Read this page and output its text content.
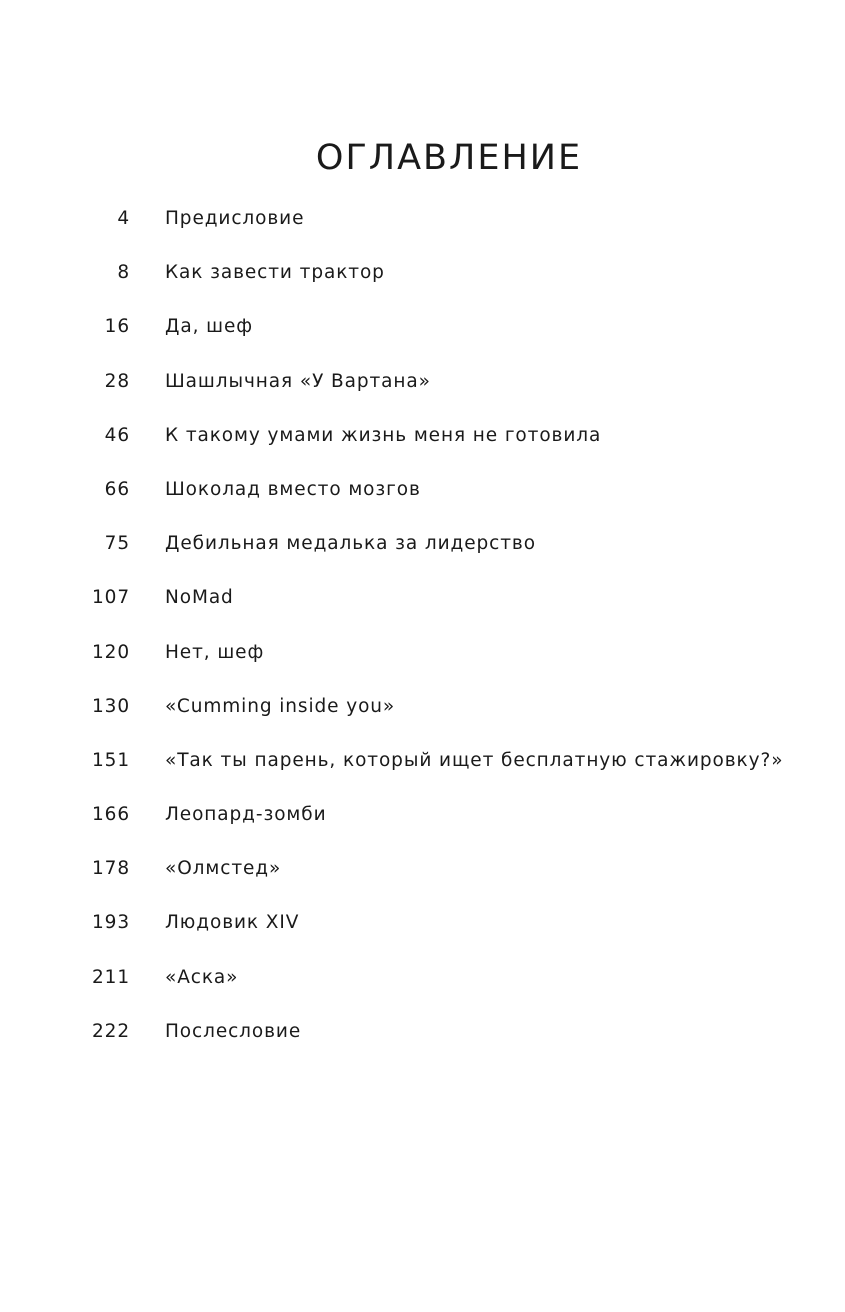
ОГЛАВЛЕНИЕ
4 Предисловие
8 Как завести трактор
16 Да, шеф
28 Шашлычная «У Вартана»
46 К такому умами жизнь меня не готовила
66 Шоколад вместо мозгов
75 Дебильная медалька за лидерство
107 NoMad
120 Нет, шеф
130 «Cumming inside you»
151 «Так ты парень, который ищет бесплатную стажировку?»
166 Леопард-зомби
178 «Олмстед»
193 Людовик XIV
211 «Аска»
222 Послесловие
